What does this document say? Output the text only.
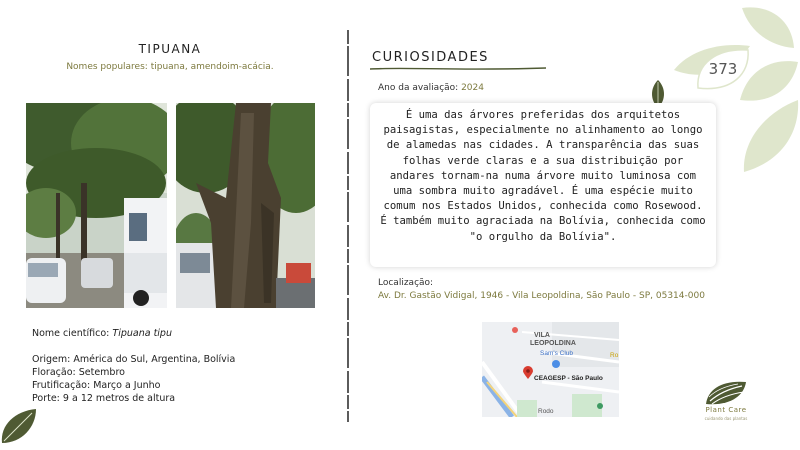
TIPUANA
Nomes populares: tipuana, amendoim-acácia.
Nome científico: Tipuana tipu
Origem: América do Sul, Argentina, Bolívia
Floração: Setembro
Frutificação: Março a Junho
Porte: 9 a 12 metros de altura
CURIOSIDADES
Ano da avaliação: 2024
É uma das árvores preferidas dos arquitetos paisagistas, especialmente no alinhamento ao longo de alamedas nas cidades. A transparência das suas folhas verde claras e a sua distribuição por andares tornam-na numa árvore muito luminosa com uma sombra muito agradável. É uma espécie muito comum nos Estados Unidos, conhecida como Rosewood. É também muito agraciada na Bolívia, conhecida como "o orgulho da Bolívia".
Localização:
Av. Dr. Gastão Vidigal, 1946 - Vila Leopoldina, São Paulo - SP, 05314-000
VILA
LEOPOLDINA
Sam's Club
CEAGESP - São Paulo
Rodo
Ro
373
Plant Care
cuidando das plantas
